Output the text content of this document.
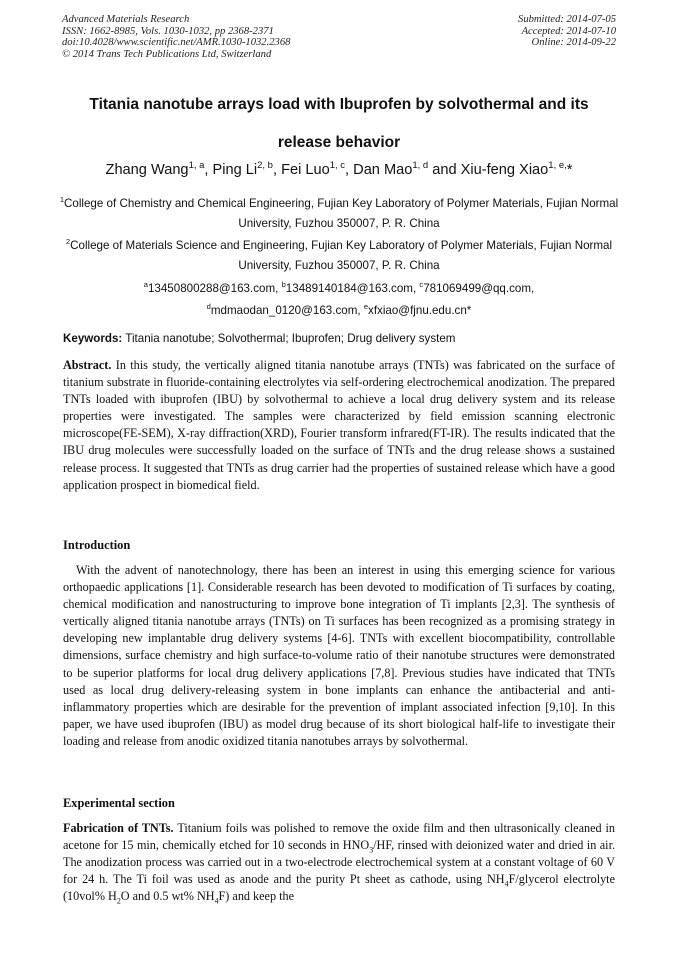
Advanced Materials Research
ISSN: 1662-8985, Vols. 1030-1032, pp 2368-2371
doi:10.4028/www.scientific.net/AMR.1030-1032.2368
© 2014 Trans Tech Publications Ltd, Switzerland
Submitted: 2014-07-05
Accepted: 2014-07-10
Online: 2014-09-22
Titania nanotube arrays load with Ibuprofen by solvothermal and its
release behavior
Zhang Wang$^{1, a}$, Ping Li$^{2, b}$, Fei Luo$^{1, c}$, Dan Mao$^{1, d}$ and Xiu-feng Xiao$^{1, e,}$*
$^1$College of Chemistry and Chemical Engineering, Fujian Key Laboratory of Polymer Materials, Fujian Normal University, Fuzhou 350007, P. R. China
$^2$College of Materials Science and Engineering, Fujian Key Laboratory of Polymer Materials, Fujian Normal University, Fuzhou 350007, P. R. China
$^a$13450800288@163.com, $^b$13489140184@163.com, $^c$781069499@qq.com,
$^d$mdmaodan_0120@163.com, $^e$xfxiao@fjnu.edu.cn*
Keywords: Titania nanotube; Solvothermal; Ibuprofen; Drug delivery system
Abstract. In this study, the vertically aligned titania nanotube arrays (TNTs) was fabricated on the surface of titanium substrate in fluoride-containing electrolytes via self-ordering electrochemical anodization. The prepared TNTs loaded with ibuprofen (IBU) by solvothermal to achieve a local drug delivery system and its release properties were investigated. The samples were characterized by field emission scanning electronic microscope(FE-SEM), X-ray diffraction(XRD), Fourier transform infrared(FT-IR). The results indicated that the IBU drug molecules were successfully loaded on the surface of TNTs and the drug release shows a sustained release process. It suggested that TNTs as drug carrier had the properties of sustained release which have a good application prospect in biomedical field.
Introduction
With the advent of nanotechnology, there has been an interest in using this emerging science for various orthopaedic applications [1]. Considerable research has been devoted to modification of Ti surfaces by coating, chemical modification and nanostructuring to improve bone integration of Ti implants [2,3]. The synthesis of vertically aligned titania nanotube arrays (TNTs) on Ti surfaces has been recognized as a promising strategy in developing new implantable drug delivery systems [4-6]. TNTs with excellent biocompatibility, controllable dimensions, surface chemistry and high surface-to-volume ratio of their nanotube structures were demonstrated to be superior platforms for local drug delivery applications [7,8]. Previous studies have indicated that TNTs used as local drug delivery-releasing system in bone implants can enhance the antibacterial and anti-inflammatory properties which are desirable for the prevention of implant associated infection [9,10]. In this paper, we have used ibuprofen (IBU) as model drug because of its short biological half-life to investigate their loading and release from anodic oxidized titania nanotubes arrays by solvothermal.
Experimental section
Fabrication of TNTs. Titanium foils was polished to remove the oxide film and then ultrasonically cleaned in acetone for 15 min, chemically etched for 10 seconds in $HNO_3/HF$, rinsed with deionized water and dried in air. The anodization process was carried out in a two-electrode electrochemical system at a constant voltage of 60 V for 24 h. The Ti foil was used as anode and the purity Pt sheet as cathode, using $NH_4F$/glycerol electrolyte (10vol% $H_2O$ and 0.5 wt% $NH_4F$) and keep the
